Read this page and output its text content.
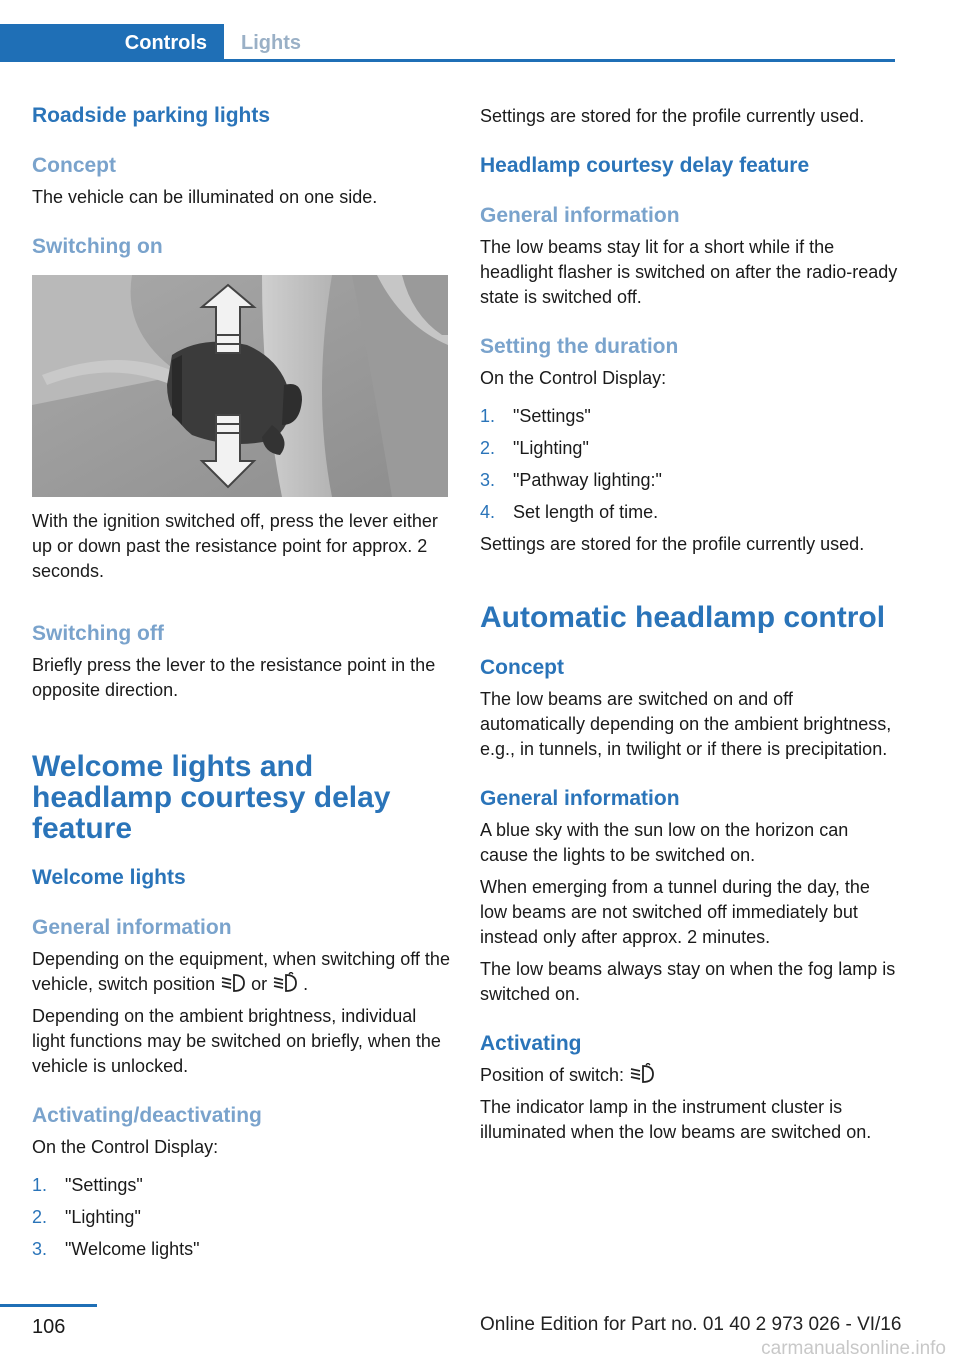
Controls	Lights
Roadside parking lights
Concept

The vehicle can be illuminated on one side.

Switching on

With the ignition switched off, press the lever either up or down past the resistance point for approx. 2 seconds.

Switching off

Briefly press the lever to the resistance point in the opposite direction.

Welcome lights and headlamp courtesy delay feature
Welcome lights
General information

Depending on the equipment, when switching off the vehicle, switch position or .

Depending on the ambient brightness, individual light functions may be switched on briefly, when the vehicle is unlocked.

Activating/deactivating

On the Control Display:

1. "Settings"
2. "Lighting"
3. "Welcome lights"

Settings are stored for the profile currently used.

Headlamp courtesy delay feature
General information

The low beams stay lit for a short while if the headlight flasher is switched on after the radio-ready state is switched off.

Setting the duration

On the Control Display:

1. "Settings"
2. "Lighting"
3. "Pathway lighting:"
4. Set length of time.

Settings are stored for the profile currently used.

Automatic headlamp control
Concept

The low beams are switched on and off automatically depending on the ambient brightness, e.g., in tunnels, in twilight or if there is precipitation.

General information

A blue sky with the sun low on the horizon can cause the lights to be switched on.

When emerging from a tunnel during the day, the low beams are not switched off immediately but instead only after approx. 2 minutes.

The low beams always stay on when the fog lamp is switched on.

Activating

Position of switch:

The indicator lamp in the instrument cluster is illuminated when the low beams are switched on.

106	Online Edition for Part no. 01 40 2 973 026 - VI/16
carmanualsonline.info
